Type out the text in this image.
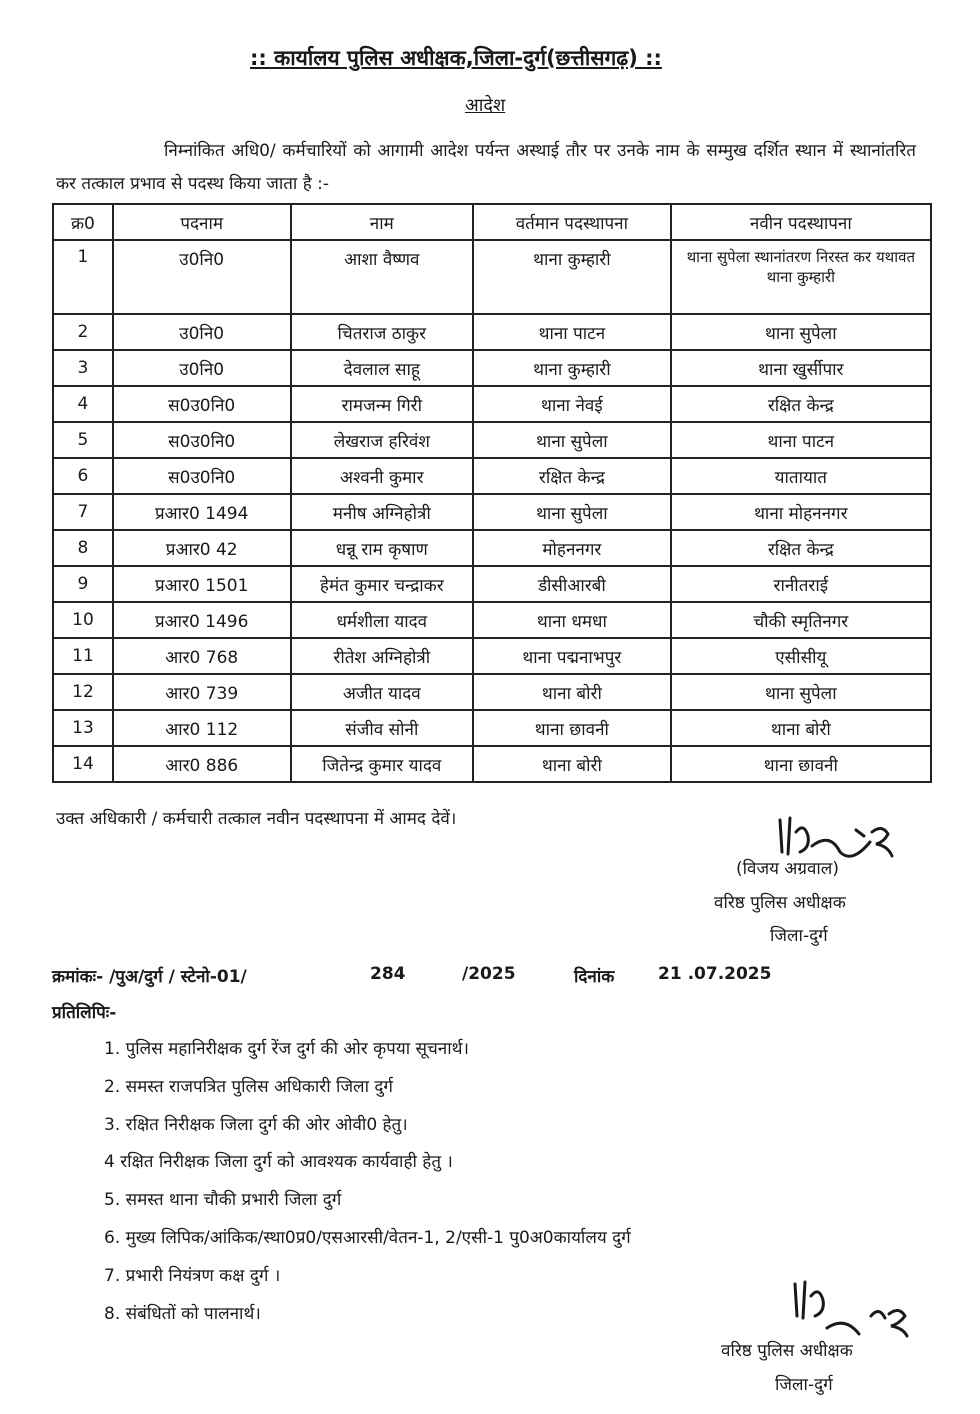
:: कार्यालय पुलिस अधीक्षक,जिला-दुर्ग(छत्तीसगढ़) ::
आदेश
निम्नांकित अधि0/ कर्मचारियों को आगामी आदेश पर्यन्त अस्थाई तौर पर उनके नाम के सम्मुख दर्शित स्थान में स्थानांतरित कर तत्काल प्रभाव से पदस्थ किया जाता है :-
क्र0	पदनाम	नाम	वर्तमान पदस्थापना	नवीन पदस्थापना
1	उ0नि0	आशा वैष्णव	थाना कुम्हारी	थाना सुपेला स्थानांतरण निरस्त कर यथावत थाना कुम्हारी
2	उ0नि0	चितराज ठाकुर	थाना पाटन	थाना सुपेला
3	उ0नि0	देवलाल साहू	थाना कुम्हारी	थाना खुर्सीपार
4	स0उ0नि0	रामजन्म गिरी	थाना नेवई	रक्षित केन्द्र
5	स0उ0नि0	लेखराज हरिवंश	थाना सुपेला	थाना पाटन
6	स0उ0नि0	अश्वनी कुमार	रक्षित केन्द्र	यातायात
7	प्रआर0 1494	मनीष अग्निहोत्री	थाना सुपेला	थाना मोहननगर
8	प्रआर0 42	धन्नू राम कृषाण	मोहननगर	रक्षित केन्द्र
9	प्रआर0 1501	हेमंत कुमार चन्द्राकर	डीसीआरबी	रानीतराई
10	प्रआर0 1496	धर्मशीला यादव	थाना धमधा	चौकी स्मृतिनगर
11	आर0 768	रीतेश अग्निहोत्री	थाना पद्मनाभपुर	एसीसीयू
12	आर0 739	अजीत यादव	थाना बोरी	थाना सुपेला
13	आर0 112	संजीव सोनी	थाना छावनी	थाना बोरी
14	आर0 886	जितेन्द्र कुमार यादव	थाना बोरी	थाना छावनी
उक्त अधिकारी / कर्मचारी तत्काल नवीन पदस्थापना में आमद देवें।
(विजय अग्रवाल)
वरिष्ठ पुलिस अधीक्षक
जिला-दुर्ग
क्रमांकः- /पुअ/दुर्ग / स्टेनो-01/	284	/2025	दिनांक	21 .07.2025
प्रतिलिपिः-
1. पुलिस महानिरीक्षक दुर्ग रेंज दुर्ग की ओर कृपया सूचनार्थ।
2. समस्त राजपत्रित पुलिस अधिकारी जिला दुर्ग
3. रक्षित निरीक्षक जिला दुर्ग की ओर ओवी0 हेतु।
4 रक्षित निरीक्षक जिला दुर्ग को आवश्यक कार्यवाही हेतु ।
5. समस्त थाना चौकी प्रभारी जिला दुर्ग
6. मुख्य लिपिक/आंकिक/स्था0प्र0/एसआरसी/वेतन-1, 2/एसी-1 पु0अ0कार्यालय दुर्ग
7. प्रभारी नियंत्रण कक्ष दुर्ग ।
8. संबंधितों को पालनार्थ।
वरिष्ठ पुलिस अधीक्षक
जिला-दुर्ग
